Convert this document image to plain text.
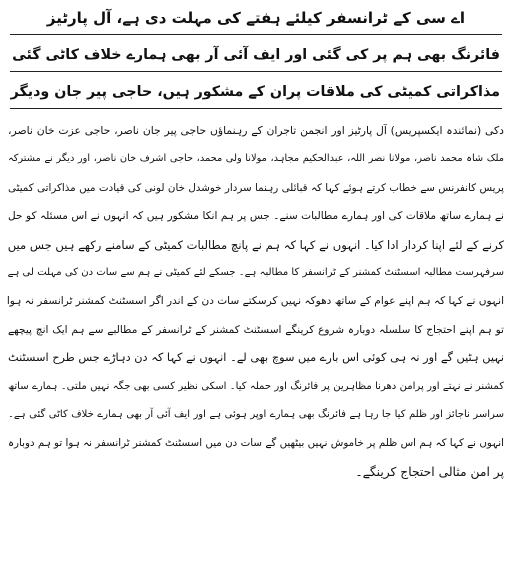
اے سی کے ٹرانسفر کیلئے ہفتے کی مہلت دی ہے، آل پارٹیز
فائرنگ بھی ہم پر کی گئی اور ایف آئی آر بھی ہمارے خلاف کاٹی گئی
مذاکراتی کمیٹی کی ملاقات پران کے مشکور ہیں، حاجی پیر جان ودیگر
دکی (نمائندہ ایکسپریس) آل پارٹیز اور انجمن تاجران کے رہنماؤں حاجی پیر جان ناصر، حاجی عزت خان ناصر،
ملک شاہ محمد ناصر، مولانا نصر اللہ، عبدالحکیم مجاہد، مولانا ولی محمد، حاجی اشرف خان ناصر، اور دیگر نے مشترکہ
پریس کانفرنس سے خطاب کرتے ہوئے کہا کہ قبائلی رہنما سردار خوشدل خان لونی کی قیادت میں مذاکراتی کمیٹی
نے ہمارے ساتھ ملاقات کی اور ہمارے مطالبات سنے۔ جس پر ہم انکا مشکور ہیں کہ انہوں نے اس مسئلہ کو حل
کرنے کے لئے اپنا کردار ادا کیا۔ انہوں نے کہا کہ ہم نے پانچ مطالبات کمیٹی کے سامنے رکھے ہیں جس میں
سرفہرست مطالبہ اسسٹنٹ کمشنر کے ٹرانسفر کا مطالبہ ہے۔ جسکے لئے کمیٹی نے ہم سے سات دن کی مہلت لی ہے
انہوں نے کہا کہ ہم اپنے عوام کے ساتھ دھوکہ نہیں کرسکتے سات دن کے اندر اگر اسسٹنٹ کمشنر ٹرانسفر نہ ہوا
تو ہم اپنے احتجاج کا سلسلہ دوبارہ شروع کرینگے اسسٹنٹ کمشنر کے ٹرانسفر کے مطالبے سے ہم ایک انچ پیچھے
نہیں ہٹیں گے اور نہ ہی کوئی اس بارے میں سوچ بھی لے۔ انہوں نے کہا کہ دن دہاڑے جس طرح اسسٹنٹ
کمشنر نے نہتے اور پرامن دھرنا مظاہرین پر فائرنگ اور حملہ کیا۔ اسکی نظیر کسی بھی جگہ نہیں ملتی۔ ہمارے ساتھ
سراسر ناجائز اور ظلم کیا جا رہا ہے فائرنگ بھی ہمارے اوپر ہوئی ہے اور ایف آئی آر بھی ہمارے خلاف کاٹی گئی ہے۔
انہوں نے کہا کہ ہم اس ظلم پر خاموش نہیں بیٹھیں گے سات دن میں اسسٹنٹ کمشنر ٹرانسفر نہ ہوا تو ہم دوبارہ
پر امن مثالی احتجاج کرینگے۔
